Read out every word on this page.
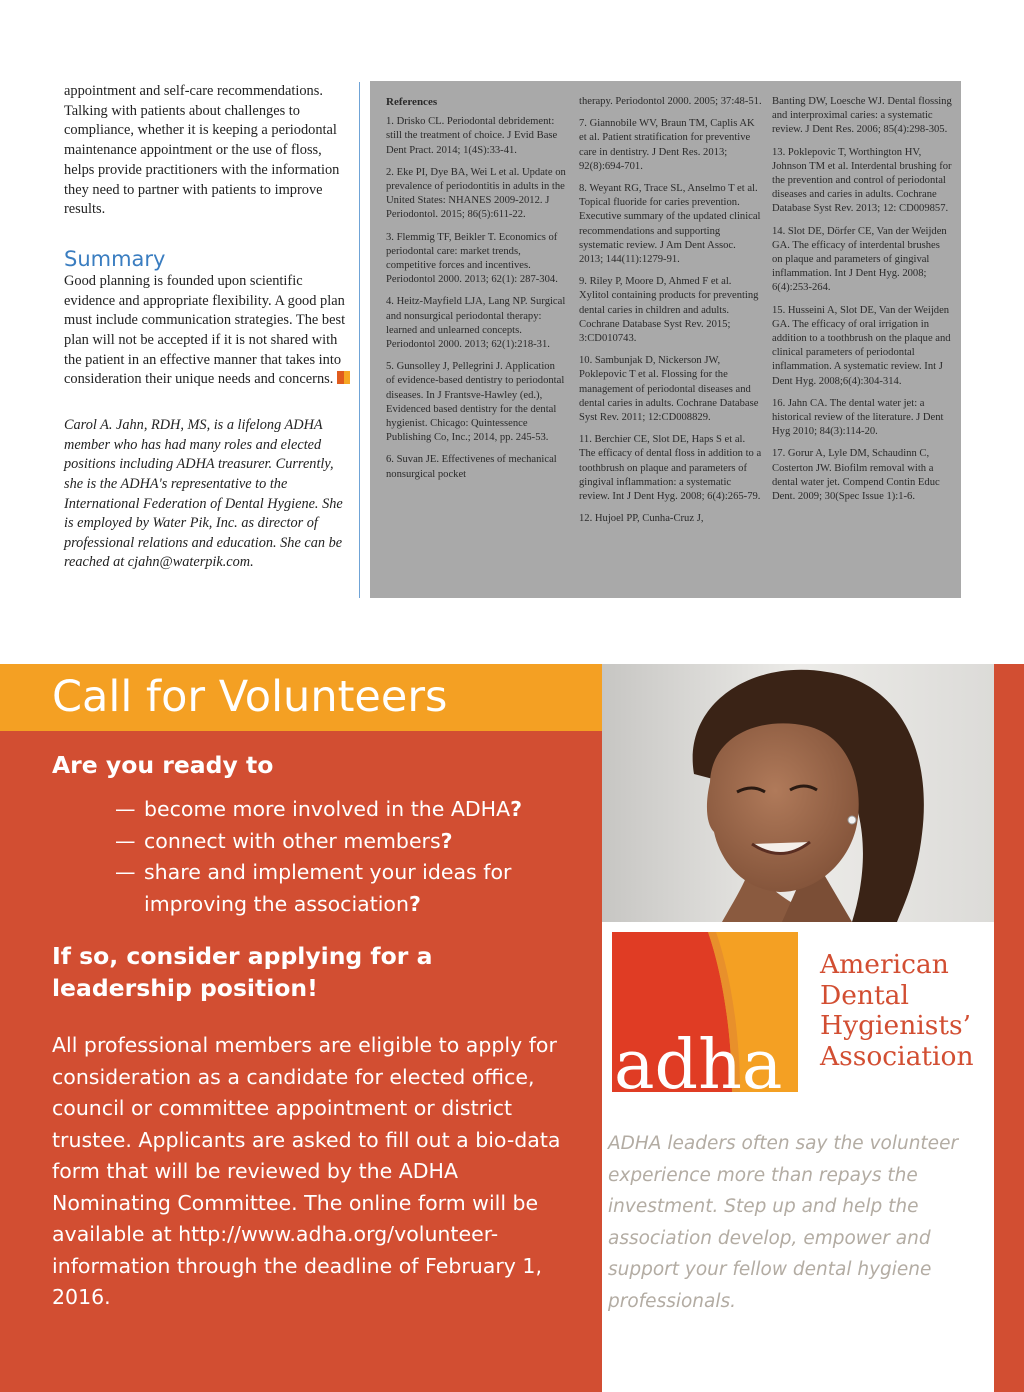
appointment and self-care recommendations. Talking with patients about challenges to compliance, whether it is keeping a periodontal maintenance appointment or the use of floss, helps provide practitioners with the information they need to partner with patients to improve results.

Summary

Good planning is founded upon scientific evidence and appropriate flexibility. A good plan must include communication strategies. The best plan will not be accepted if it is not shared with the patient in an effective manner that takes into consideration their unique needs and concerns.

Carol A. Jahn, RDH, MS, is a lifelong ADHA member who has had many roles and elected positions including ADHA treasurer. Currently, she is the ADHA's representative to the International Federation of Dental Hygiene. She is employed by Water Pik, Inc. as director of professional relations and education. She can be reached at cjahn@waterpik.com.

References

1. Drisko CL. Periodontal debridement: still the treatment of choice. J Evid Base Dent Pract. 2014; 1(4S):33-41.

2. Eke PI, Dye BA, Wei L et al. Update on prevalence of periodontitis in adults in the United States: NHANES 2009-2012. J Periodontol. 2015; 86(5):611-22.

3. Flemmig TF, Beikler T. Economics of periodontal care: market trends, competitive forces and incentives. Periodontol 2000. 2013; 62(1): 287-304.

4. Heitz-Mayfield LJA, Lang NP. Surgical and nonsurgical periodontal therapy: learned and unlearned concepts. Periodontol 2000. 2013; 62(1):218-31.

5. Gunsolley J, Pellegrini J. Application of evidence-based dentistry to periodontal diseases. In J Frantsve-Hawley (ed.), Evidenced based dentistry for the dental hygienist. Chicago: Quintessence Publishing Co, Inc.; 2014, pp. 245-53.

6. Suvan JE. Effectivenes of mechanical nonsurgical pocket

therapy. Periodontol 2000. 2005; 37:48-51.

7. Giannobile WV, Braun TM, Caplis AK et al. Patient stratification for preventive care in dentistry. J Dent Res. 2013; 92(8):694-701.

8. Weyant RG, Trace SL, Anselmo T et al. Topical fluoride for caries prevention. Executive summary of the updated clinical recommendations and supporting systematic review. J Am Dent Assoc. 2013; 144(11):1279-91.

9. Riley P, Moore D, Ahmed F et al. Xylitol containing products for preventing dental caries in children and adults. Cochrane Database Syst Rev. 2015; 3:CD010743.

10. Sambunjak D, Nickerson JW, Poklepovic T et al. Flossing for the management of periodontal diseases and dental caries in adults. Cochrane Database Syst Rev. 2011; 12:CD008829.

11. Berchier CE, Slot DE, Haps S et al. The efficacy of dental floss in addition to a toothbrush on plaque and parameters of gingival inflammation: a systematic review. Int J Dent Hyg. 2008; 6(4):265-79.

12. Hujoel PP, Cunha-Cruz J,

Banting DW, Loesche WJ. Dental flossing and interproximal caries: a systematic review. J Dent Res. 2006; 85(4):298-305.

13. Poklepovic T, Worthington HV, Johnson TM et al. Interdental brushing for the prevention and control of periodontal diseases and caries in adults. Cochrane Database Syst Rev. 2013; 12: CD009857.

14. Slot DE, Dörfer CE, Van der Weijden GA. The efficacy of interdental brushes on plaque and parameters of gingival inflammation. Int J Dent Hyg. 2008; 6(4):253-264.

15. Husseini A, Slot DE, Van der Weijden GA. The efficacy of oral irrigation in addition to a toothbrush on the plaque and clinical parameters of periodontal inflammation. A systematic review. Int J Dent Hyg. 2008;6(4):304-314.

16. Jahn CA. The dental water jet: a historical review of the literature. J Dent Hyg 2010; 84(3):114-20.

17. Gorur A, Lyle DM, Schaudinn C, Costerton JW. Biofilm removal with a dental water jet. Compend Contin Educ Dent. 2009; 30(Spec Issue 1):1-6.

Call for Volunteers
Are you ready to
— become more involved in the ADHA?
— connect with other members?
— share and implement your ideas for improving the association?
If so, consider applying for a leadership position!
All professional members are eligible to apply for consideration as a candidate for elected office, council or committee appointment or district trustee. Applicants are asked to fill out a bio-data form that will be reviewed by the ADHA Nominating Committee. The online form will be available at http://www.adha.org/volunteer-information through the deadline of February 1, 2016.
adha
American
Dental
Hygienists’
Association
ADHA leaders often say the volunteer experience more than repays the investment. Step up and help the association develop, empower and support your fellow dental hygiene professionals.
